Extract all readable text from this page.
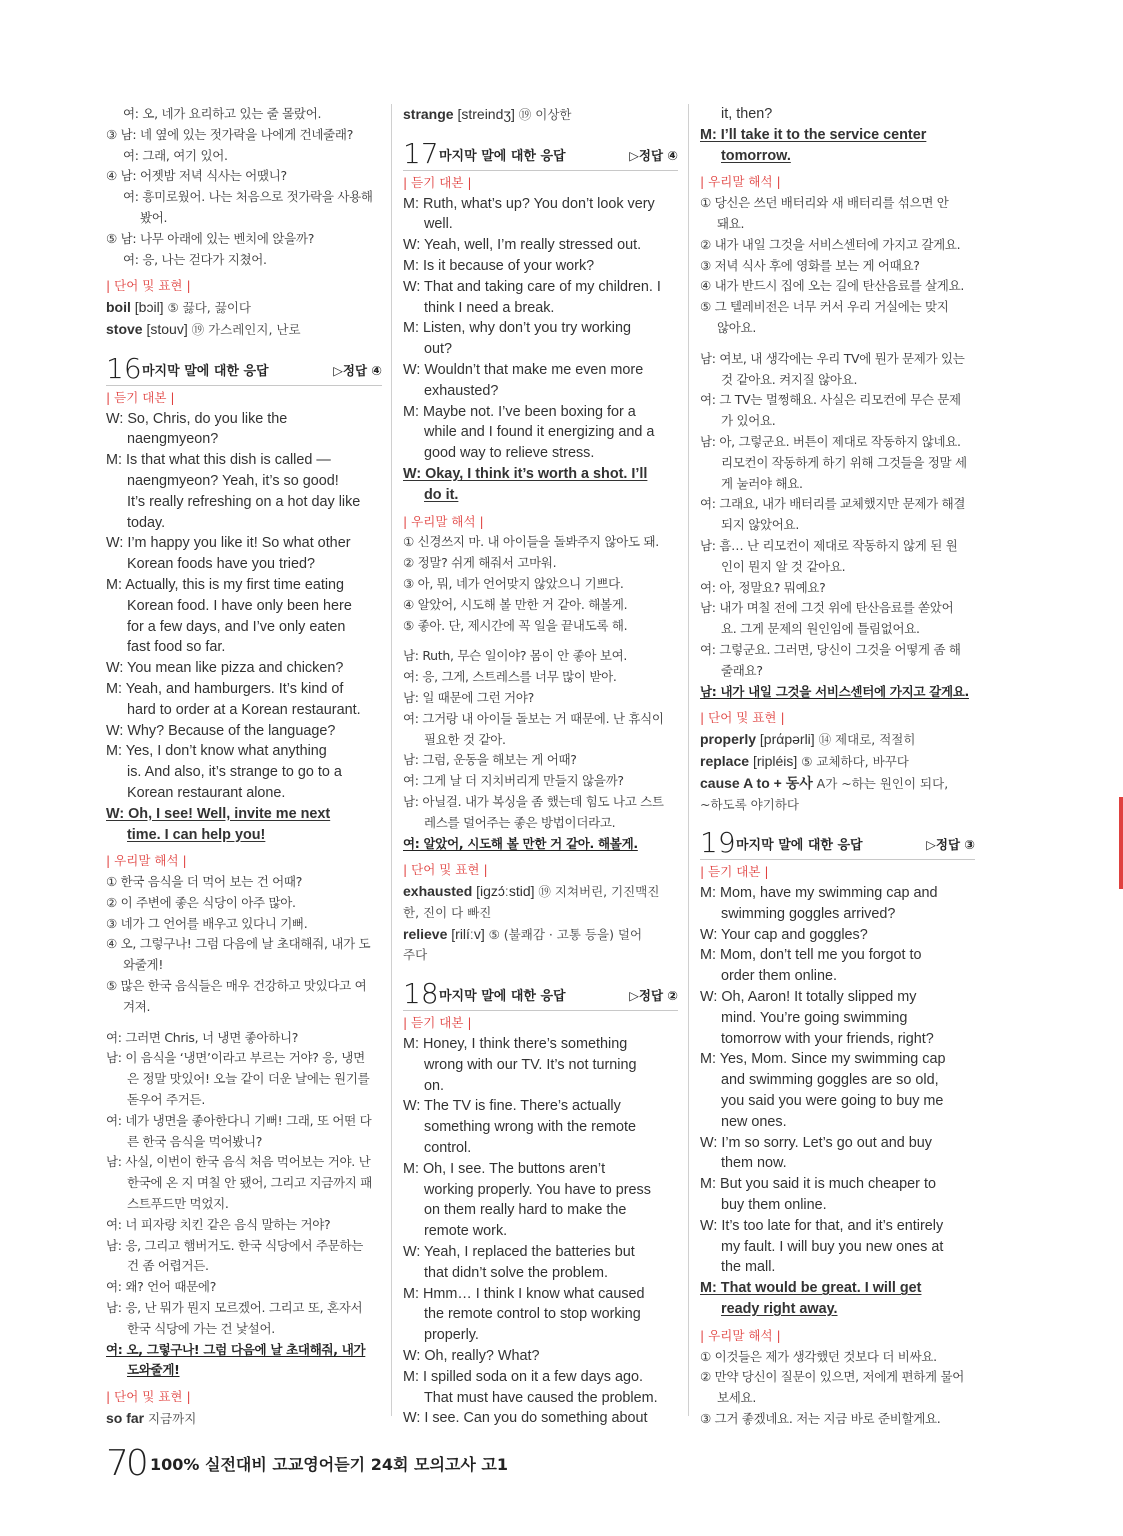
여: 오, 네가 요리하고 있는 줄 몰랐어.
③ 남: 네 옆에 있는 젓가락을 나에게 건네줄래?
여: 그래, 여기 있어.
④ 남: 어젯밤 저녁 식사는 어땠니?
여: 흥미로웠어. 나는 처음으로 젓가락을 사용해
봤어.
⑤ 남: 나무 아래에 있는 벤치에 앉을까?
여: 응, 나는 걷다가 지쳤어.
| 단어 및 표현 |
boil [bɔil] ⑤ 끓다, 끓이다
stove [stouv] ⑲ 가스레인지, 난로
16 마지막 말에 대한 응답	▷정답 ④
| 듣기 대본 |
W: So, Chris, do you like the
naengmyeon?
M: Is that what this dish is called —
naengmyeon? Yeah, it’s so good!
It’s really refreshing on a hot day like
today.
W: I’m happy you like it! So what other
Korean foods have you tried?
M: Actually, this is my first time eating
Korean food. I have only been here
for a few days, and I’ve only eaten
fast food so far.
W: You mean like pizza and chicken?
M: Yeah, and hamburgers. It’s kind of
hard to order at a Korean restaurant.
W: Why? Because of the language?
M: Yes, I don’t know what anything
is. And also, it’s strange to go to a
Korean restaurant alone.
W: Oh, I see! Well, invite me next
time. I can help you!
| 우리말 해석 |
① 한국 음식을 더 먹어 보는 건 어때?
② 이 주변에 좋은 식당이 아주 많아.
③ 네가 그 언어를 배우고 있다니 기뻐.
④ 오, 그렇구나! 그럼 다음에 날 초대해줘, 내가 도
와줄게!
⑤ 많은 한국 음식들은 매우 건강하고 맛있다고 여
겨져.
여: 그러면 Chris, 너 냉면 좋아하니?
남: 이 음식을 ‘냉면’이라고 부르는 거야? 응, 냉면
은 정말 맛있어! 오늘 같이 더운 날에는 원기를
돋우어 주거든.
여: 네가 냉면을 좋아한다니 기뻐! 그래, 또 어떤 다
른 한국 음식을 먹어봤니?
남: 사실, 이번이 한국 음식 처음 먹어보는 거야. 난
한국에 온 지 며칠 안 됐어, 그리고 지금까지 패
스트푸드만 먹었지.
여: 너 피자랑 치킨 같은 음식 말하는 거야?
남: 응, 그리고 햄버거도. 한국 식당에서 주문하는
건 좀 어렵거든.
여: 왜? 언어 때문에?
남: 응, 난 뭐가 뭔지 모르겠어. 그리고 또, 혼자서
한국 식당에 가는 건 낯설어.
여: 오, 그렇구나! 그럼 다음에 날 초대해줘, 내가
도와줄게!
| 단어 및 표현 |
so far 지금까지
strange [streindʒ] ⑲ 이상한
17 마지막 말에 대한 응답	▷정답 ④
| 듣기 대본 |
M: Ruth, what’s up? You don’t look very
well.
W: Yeah, well, I’m really stressed out.
M: Is it because of your work?
W: That and taking care of my children. I
think I need a break.
M: Listen, why don’t you try working
out?
W: Wouldn’t that make me even more
exhausted?
M: Maybe not. I’ve been boxing for a
while and I found it energizing and a
good way to relieve stress.
W: Okay, I think it’s worth a shot. I’ll
do it.
| 우리말 해석 |
① 신경쓰지 마. 내 아이들을 돌봐주지 않아도 돼.
② 정말? 쉬게 해줘서 고마워.
③ 아, 뭐, 네가 언어맞지 않았으니 기쁘다.
④ 알았어, 시도해 볼 만한 거 같아. 해볼게.
⑤ 좋아. 단, 제시간에 꼭 일을 끝내도록 해.
남: Ruth, 무슨 일이야? 몸이 안 좋아 보여.
여: 응, 그게, 스트레스를 너무 많이 받아.
남: 일 때문에 그런 거야?
여: 그거랑 내 아이들 돌보는 거 때문에. 난 휴식이
필요한 것 같아.
남: 그럼, 운동을 해보는 게 어때?
여: 그게 날 더 지치버리게 만들지 않을까?
남: 아닐걸. 내가 복싱을 좀 했는데 힘도 나고 스트
레스를 덜어주는 좋은 방법이더라고.
여: 알았어, 시도해 볼 만한 거 같아. 해볼게.
| 단어 및 표현 |
exhausted [igzɔ́ːstid] ⑲ 지쳐버린, 기진맥진
한, 진이 다 빠진
relieve [rilíːv] ⑤ (불쾌감 · 고통 등을) 덜어
주다
18 마지막 말에 대한 응답	▷정답 ②
| 듣기 대본 |
M: Honey, I think there’s something
wrong with our TV. It’s not turning
on.
W: The TV is fine. There’s actually
something wrong with the remote
control.
M: Oh, I see. The buttons aren’t
working properly. You have to press
on them really hard to make the
remote work.
W: Yeah, I replaced the batteries but
that didn’t solve the problem.
M: Hmm… I think I know what caused
the remote control to stop working
properly.
W: Oh, really? What?
M: I spilled soda on it a few days ago.
That must have caused the problem.
W: I see. Can you do something about
it, then?
M: I’ll take it to the service center
tomorrow.
| 우리말 해석 |
① 당신은 쓰던 배터리와 새 배터리를 섞으면 안
돼요.
② 내가 내일 그것을 서비스센터에 가지고 갈게요.
③ 저녁 식사 후에 영화를 보는 게 어때요?
④ 내가 반드시 집에 오는 길에 탄산음료를 살게요.
⑤ 그 텔레비전은 너무 커서 우리 거실에는 맞지
않아요.
남: 여보, 내 생각에는 우리 TV에 뭔가 문제가 있는
것 같아요. 켜지질 않아요.
여: 그 TV는 멀쩡해요. 사실은 리모컨에 무슨 문제
가 있어요.
남: 아, 그렇군요. 버튼이 제대로 작동하지 않네요.
리모컨이 작동하게 하기 위해 그것들을 정말 세
게 눌러야 해요.
여: 그래요, 내가 배터리를 교체했지만 문제가 해결
되지 않았어요.
남: 흠… 난 리모컨이 제대로 작동하지 않게 된 원
인이 뭔지 알 것 같아요.
여: 아, 정말요? 뭐예요?
남: 내가 며칠 전에 그것 위에 탄산음료를 쏟았어
요. 그게 문제의 원인임에 틀림없어요.
여: 그렇군요. 그러면, 당신이 그것을 어떻게 좀 해
줄래요?
남: 내가 내일 그것을 서비스센터에 가지고 갈게요.
| 단어 및 표현 |
properly [prάpərli] ⑭ 제대로, 적절히
replace [ripléis] ⑤ 교체하다, 바꾸다
cause A to + 동사 A가 ~하는 원인이 되다,
~하도록 야기하다
19 마지막 말에 대한 응답	▷정답 ③
| 듣기 대본 |
M: Mom, have my swimming cap and
swimming goggles arrived?
W: Your cap and goggles?
M: Mom, don’t tell me you forgot to
order them online.
W: Oh, Aaron! It totally slipped my
mind. You’re going swimming
tomorrow with your friends, right?
M: Yes, Mom. Since my swimming cap
and swimming goggles are so old,
you said you were going to buy me
new ones.
W: I’m so sorry. Let’s go out and buy
them now.
M: But you said it is much cheaper to
buy them online.
W: It’s too late for that, and it’s entirely
my fault. I will buy you new ones at
the mall.
M: That would be great. I will get
ready right away.
| 우리말 해석 |
① 이것들은 제가 생각했던 것보다 더 비싸요.
② 만약 당신이 질문이 있으면, 저에게 편하게 물어
보세요.
③ 그거 좋겠네요. 저는 지금 바로 준비할게요.
70 100% 실전대비 고교영어듣기 24회 모의고사 고1
